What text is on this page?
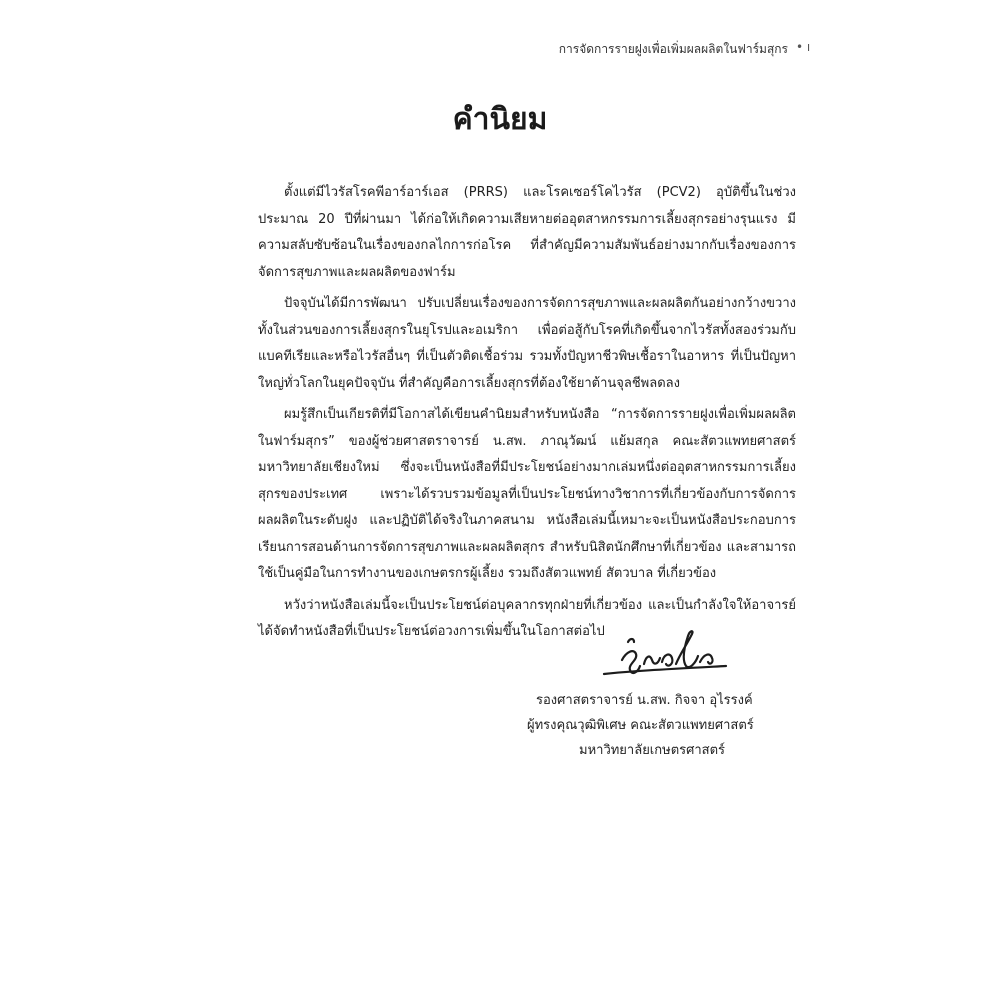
การจัดการรายฝูงเพื่อเพิ่มผลผลิตในฟาร์มสุกร • ı
คำนิยม

ตั้งแต่มีไวรัสโรคพีอาร์อาร์เอส (PRRS) และโรคเซอร์โคไวรัส (PCV2) อุบัติขึ้นในช่วงประมาณ 20 ปีที่ผ่านมา ได้ก่อให้เกิดความเสียหายต่ออุตสาหกรรมการเลี้ยงสุกรอย่างรุนแรง มีความสลับซับซ้อนในเรื่องของกลไกการก่อโรค ที่สำคัญมีความสัมพันธ์อย่างมากกับเรื่องของการจัดการสุขภาพและผลผลิตของฟาร์ม

ปัจจุบันได้มีการพัฒนา ปรับเปลี่ยนเรื่องของการจัดการสุขภาพและผลผลิตกันอย่างกว้างขวาง ทั้งในส่วนของการเลี้ยงสุกรในยุโรปและอเมริกา เพื่อต่อสู้กับโรคที่เกิดขึ้นจากไวรัสทั้งสองร่วมกับแบคทีเรียและหรือไวรัสอื่นๆ ที่เป็นตัวติดเชื้อร่วม รวมทั้งปัญหาชีวพิษเชื้อราในอาหาร ที่เป็นปัญหาใหญ่ทั่วโลกในยุคปัจจุบัน ที่สำคัญคือการเลี้ยงสุกรที่ต้องใช้ยาต้านจุลชีพลดลง

ผมรู้สึกเป็นเกียรติที่มีโอกาสได้เขียนคำนิยมสำหรับหนังสือ “การจัดการรายฝูงเพื่อเพิ่มผลผลิตในฟาร์มสุกร” ของผู้ช่วยศาสตราจารย์ น.สพ. ภาณุวัฒน์ แย้มสกุล คณะสัตวแพทยศาสตร์ มหาวิทยาลัยเชียงใหม่ ซึ่งจะเป็นหนังสือที่มีประโยชน์อย่างมากเล่มหนึ่งต่ออุตสาหกรรมการเลี้ยงสุกรของประเทศ เพราะได้รวบรวมข้อมูลที่เป็นประโยชน์ทางวิชาการที่เกี่ยวข้องกับการจัดการผลผลิตในระดับฝูง และปฏิบัติได้จริงในภาคสนาม หนังสือเล่มนี้เหมาะจะเป็นหนังสือประกอบการเรียนการสอนด้านการจัดการสุขภาพและผลผลิตสุกร สำหรับนิสิตนักศึกษาที่เกี่ยวข้อง และสามารถใช้เป็นคู่มือในการทำงานของเกษตรกรผู้เลี้ยง รวมถึงสัตวแพทย์ สัตวบาล ที่เกี่ยวข้อง

หวังว่าหนังสือเล่มนี้จะเป็นประโยชน์ต่อบุคลากรทุกฝ่ายที่เกี่ยวข้อง และเป็นกำลังใจให้อาจารย์ได้จัดทำหนังสือที่เป็นประโยชน์ต่อวงการเพิ่มขึ้นในโอกาสต่อไป

รองศาสตราจารย์ น.สพ. กิจจา อุไรรงค์
ผู้ทรงคุณวุฒิพิเศษ คณะสัตวแพทยศาสตร์
มหาวิทยาลัยเกษตรศาสตร์
